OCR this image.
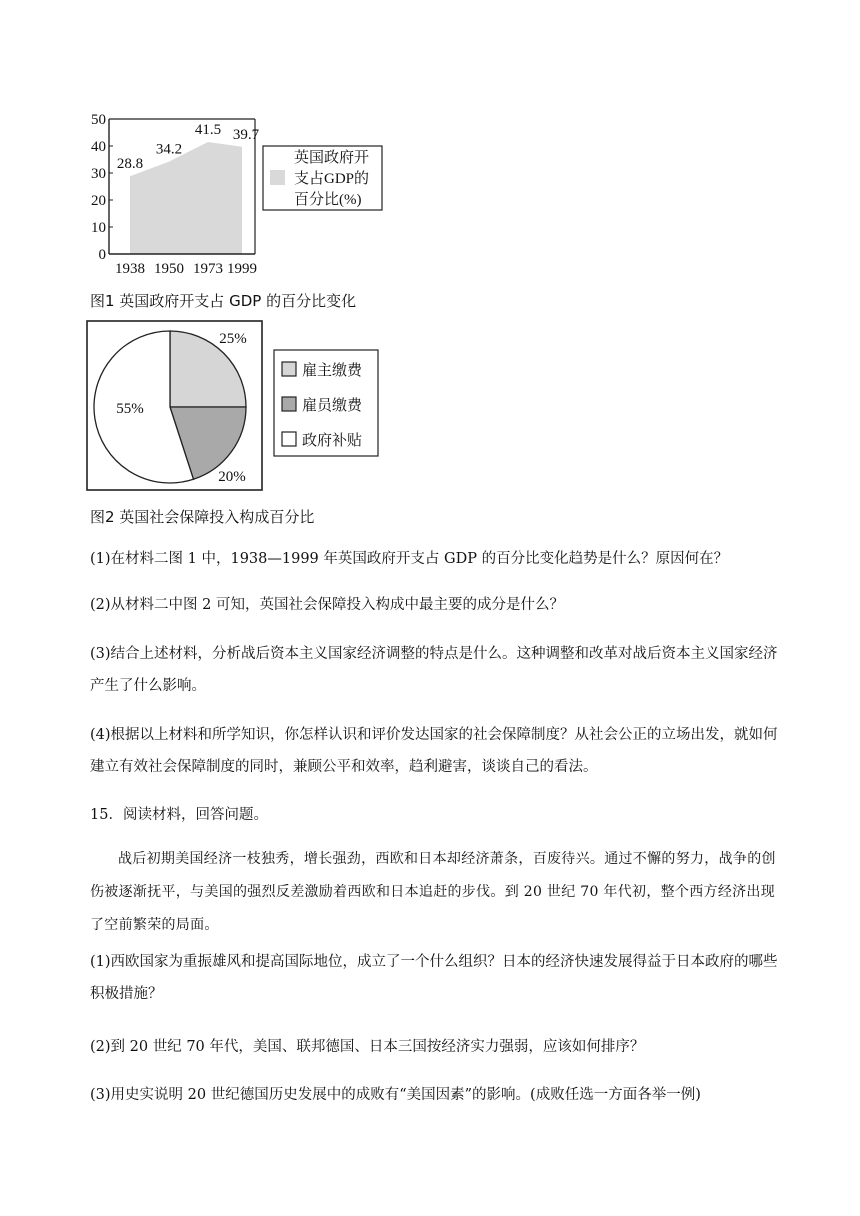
0
10
20
30
40
50
1938 1950 1973 1999
28.8
34.2
41.5 39.7
英国政府开
支占GDP的
百分比(%)
图1 英国政府开支占 GDP 的百分比变化
25%
20%
55%
雇主缴费
雇员缴费
政府补贴
图2 英国社会保障投入构成百分比
(1)在材料二图 1 中，1938—1999 年英国政府开支占 GDP 的百分比变化趋势是什么？原因何在？
(2)从材料二中图 2 可知，英国社会保障投入构成中最主要的成分是什么？
(3)结合上述材料，分析战后资本主义国家经济调整的特点是什么。这种调整和改革对战后资本主义国家经济产生了什么影响。
(4)根据以上材料和所学知识，你怎样认识和评价发达国家的社会保障制度？从社会公正的立场出发，就如何建立有效社会保障制度的同时，兼顾公平和效率，趋利避害，谈谈自己的看法。
15．阅读材料，回答问题。
战后初期美国经济一枝独秀，增长强劲，西欧和日本却经济萧条，百废待兴。通过不懈的努力，战争的创伤被逐渐抚平，与美国的强烈反差激励着西欧和日本追赶的步伐。到 20 世纪 70 年代初，整个西方经济出现了空前繁荣的局面。
(1)西欧国家为重振雄风和提高国际地位，成立了一个什么组织？日本的经济快速发展得益于日本政府的哪些积极措施？
(2)到 20 世纪 70 年代，美国、联邦德国、日本三国按经济实力强弱，应该如何排序？
(3)用史实说明 20 世纪德国历史发展中的成败有“美国因素”的影响。(成败任选一方面各举一例)
